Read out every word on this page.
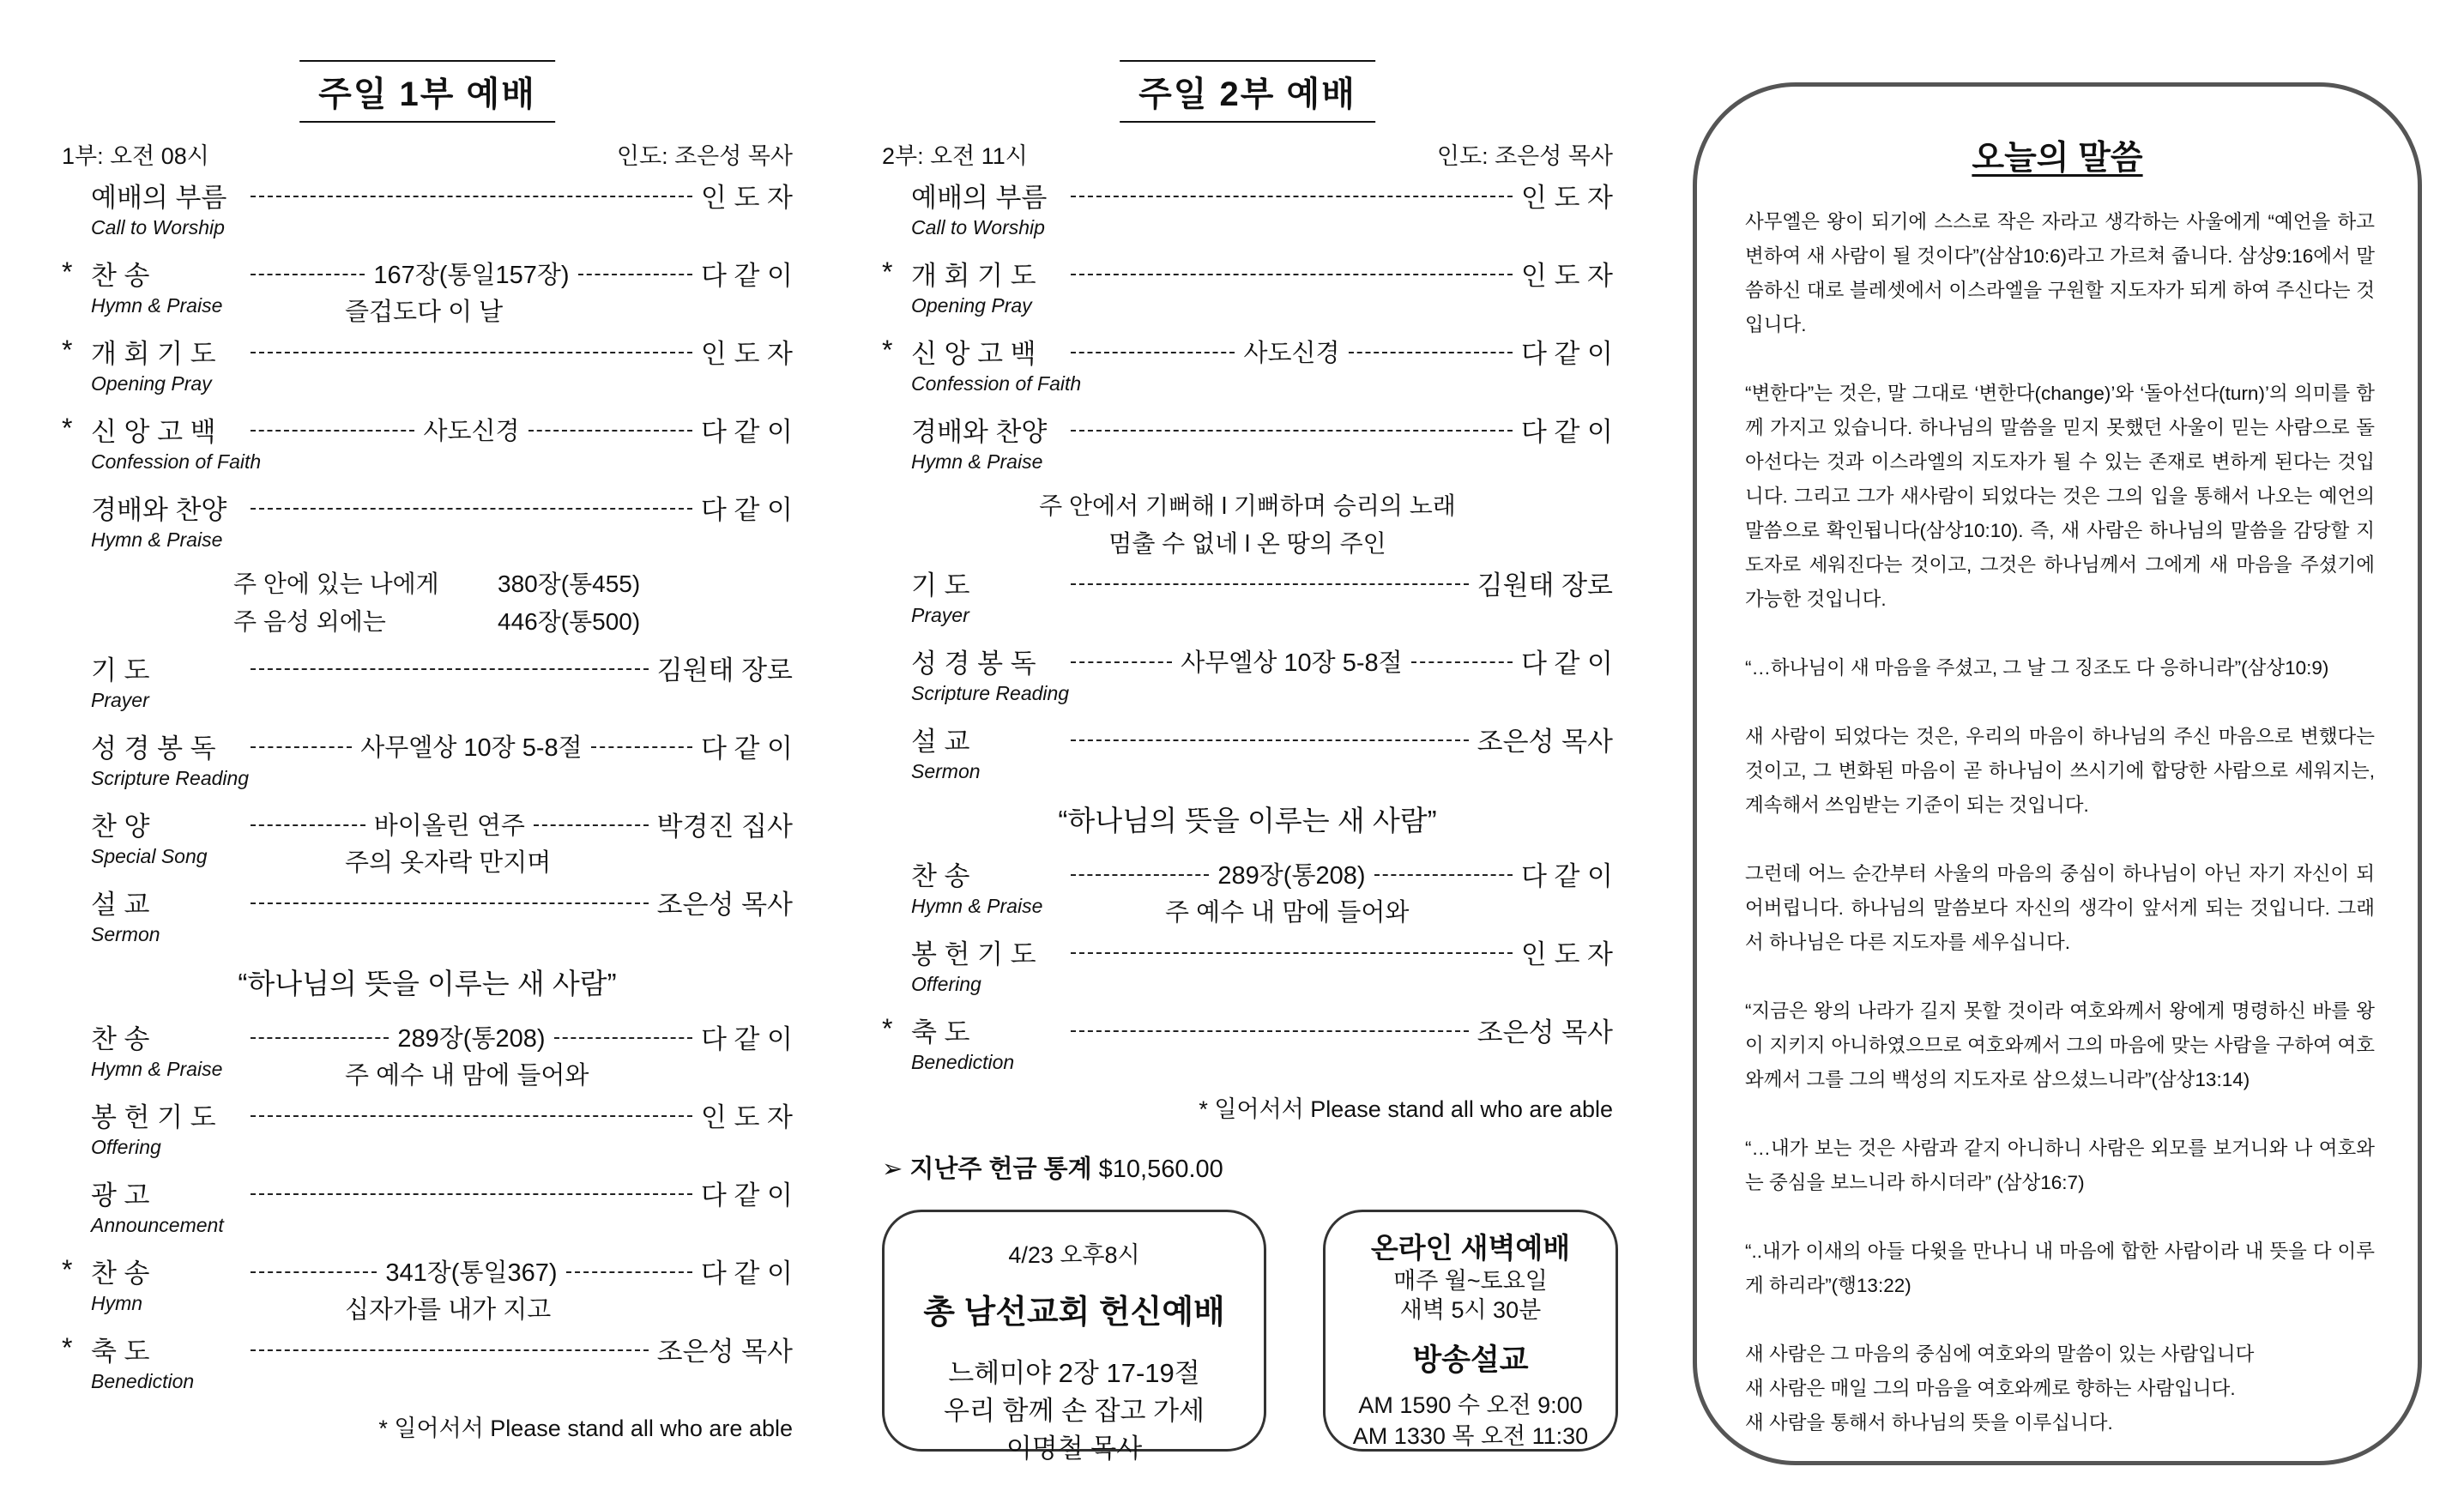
주일 1부 예배
1부: 오전 08시	인도: 조은성 목사
예배의 부름	인 도 자
Call to Worship
* 찬 송	167장(통일157장)	다 같 이
Hymn & Praise	즐겁도다 이 날
* 개 회 기 도	인 도 자
Opening Pray
* 신 앙 고 백	사도신경	다 같 이
Confession of Faith
경배와 찬양	다 같 이
Hymn & Praise
주 안에 있는 나에게 380장(통455)
주 음성 외에는	446장(통500)
기 도	김원태 장로
Prayer
성 경 봉 독	사무엘상 10장 5-8절	다 같 이
Scripture Reading
찬 양	바이올린 연주	박경진 집사
Special Song	주의 옷자락 만지며
설 교	조은성 목사
Sermon
“하나님의 뜻을 이루는 새 사람”
찬 송	289장(통208)	다 같 이
Hymn & Praise	주 예수 내 맘에 들어와
봉 헌 기 도	인 도 자
Offering
광 고	다 같 이
Announcement
* 찬 송	341장(통일367)	다 같 이
Hymn	십자가를 내가 지고
* 축 도	조은성 목사
Benediction
* 일어서서 Please stand all who are able
주일 2부 예배
2부: 오전 11시	인도: 조은성 목사
예배의 부름	인 도 자
Call to Worship
* 개 회 기 도	인 도 자
Opening Pray
* 신 앙 고 백	사도신경	다 같 이
Confession of Faith
경배와 찬양	다 같 이
Hymn & Praise
주 안에서 기뻐해 l 기뻐하며 승리의 노래
멈출 수 없네 l 온 땅의 주인
기 도	김원태 장로
Prayer
성 경 봉 독	사무엘상 10장 5-8절	다 같 이
Scripture Reading
설 교	조은성 목사
Sermon
“하나님의 뜻을 이루는 새 사람”
찬 송	289장(통208)	다 같 이
Hymn & Praise	주 예수 내 맘에 들어와
봉 헌 기 도	인 도 자
Offering
* 축 도	조은성 목사
Benediction
* 일어서서 Please stand all who are able
➢ 지난주 헌금 통계 $10,560.00
4/23 오후8시
총 남선교회 헌신예배
느헤미야 2장 17-19절
우리 함께 손 잡고 가세
이명철 목사
온라인 새벽예배
매주 월~토요일
새벽 5시 30분
방송설교
AM 1590 수 오전 9:00
AM 1330 목 오전 11:30
오늘의 말씀

사무엘은 왕이 되기에 스스로 작은 자라고 생각하는 사울에게 “예언을 하고 변하여 새 사람이 될 것이다”(삼삼10:6)라고 가르쳐 줍니다. 삼상9:16에서 말씀하신 대로 블레셋에서 이스라엘을 구원할 지도자가 되게 하여 주신다는 것입니다.

“변한다”는 것은, 말 그대로 ‘변한다(change)’와 ‘돌아선다(turn)’의 의미를 함께 가지고 있습니다. 하나님의 말씀을 믿지 못했던 사울이 믿는 사람으로 돌아선다는 것과 이스라엘의 지도자가 될 수 있는 존재로 변하게 된다는 것입니다. 그리고 그가 새사람이 되었다는 것은 그의 입을 통해서 나오는 예언의 말씀으로 확인됩니다(삼상10:10). 즉, 새 사람은 하나님의 말씀을 감당할 지도자로 세워진다는 것이고, 그것은 하나님께서 그에게 새 마음을 주셨기에 가능한 것입니다.

“…하나님이 새 마음을 주셨고, 그 날 그 징조도 다 응하니라”(삼상10:9)

새 사람이 되었다는 것은, 우리의 마음이 하나님의 주신 마음으로 변했다는 것이고, 그 변화된 마음이 곧 하나님이 쓰시기에 합당한 사람으로 세워지는, 계속해서 쓰임받는 기준이 되는 것입니다.

그런데 어느 순간부터 사울의 마음의 중심이 하나님이 아닌 자기 자신이 되어버립니다. 하나님의 말씀보다 자신의 생각이 앞서게 되는 것입니다. 그래서 하나님은 다른 지도자를 세우십니다.

“지금은 왕의 나라가 길지 못할 것이라 여호와께서 왕에게 명령하신 바를 왕이 지키지 아니하였으므로 여호와께서 그의 마음에 맞는 사람을 구하여 여호와께서 그를 그의 백성의 지도자로 삼으셨느니라”(삼상13:14)

“…내가 보는 것은 사람과 같지 아니하니 사람은 외모를 보거니와 나 여호와는 중심을 보느니라 하시더라” (삼상16:7)

“..내가 이새의 아들 다윗을 만나니 내 마음에 합한 사람이라 내 뜻을 다 이루게 하리라”(행13:22)

새 사람은 그 마음의 중심에 여호와의 말씀이 있는 사람입니다
새 사람은 매일 그의 마음을 여호와께로 향하는 사람입니다.
새 사람을 통해서 하나님의 뜻을 이루십니다.
